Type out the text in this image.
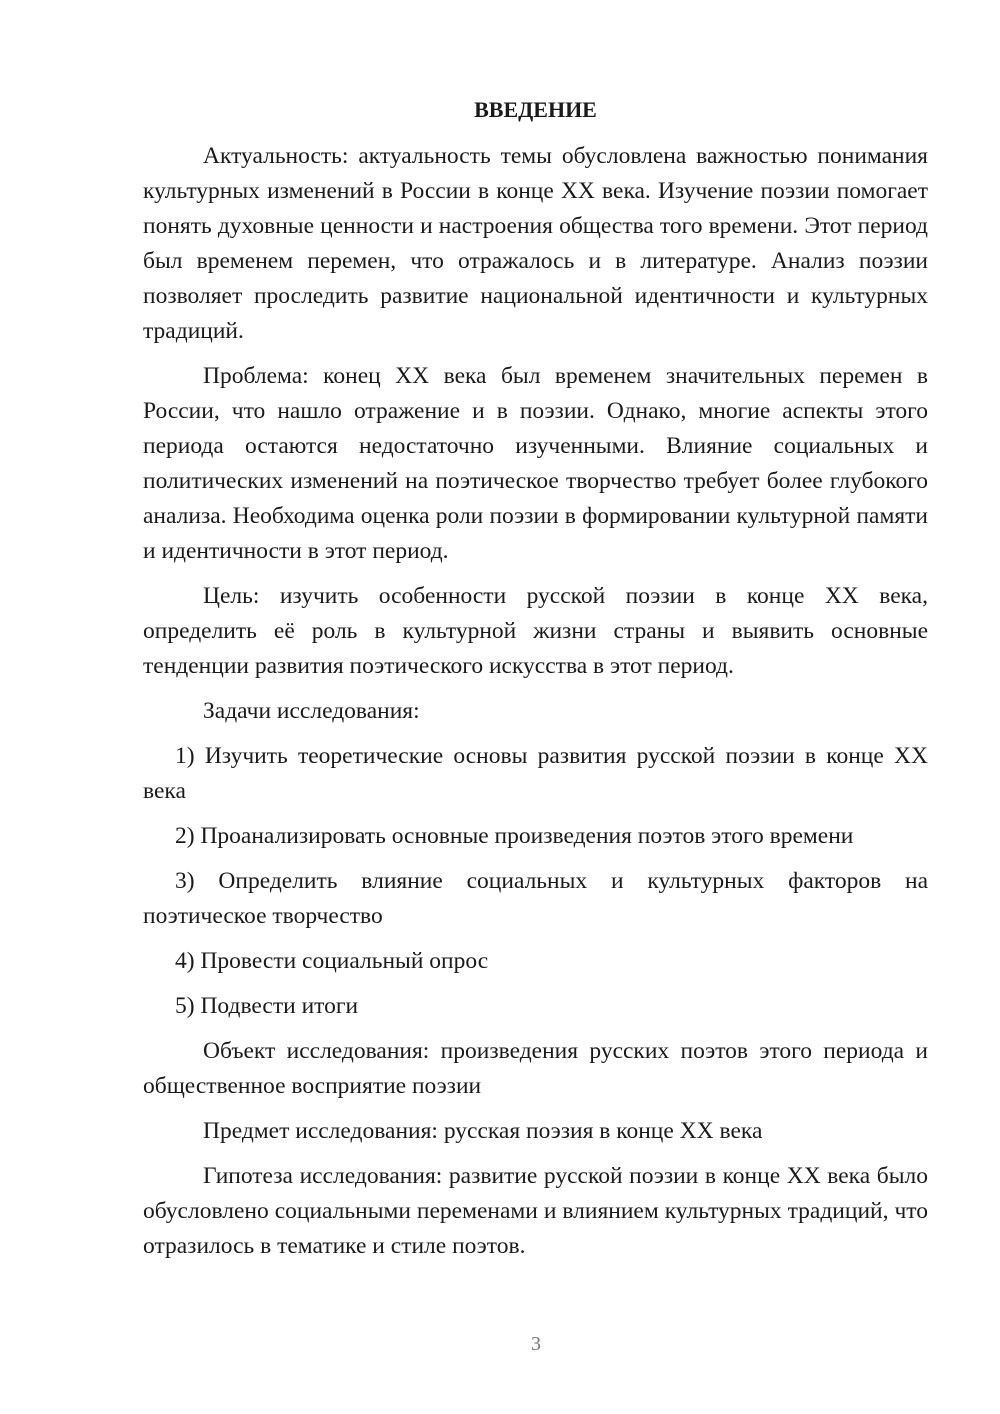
ВВЕДЕНИЕ

Актуальность: актуальность темы обусловлена важностью понимания культурных изменений в России в конце XX века. Изучение поэзии помогает понять духовные ценности и настроения общества того времени. Этот период был временем перемен, что отражалось и в литературе. Анализ поэзии позволяет проследить развитие национальной идентичности и культурных традиций.

Проблема: конец XX века был временем значительных перемен в России, что нашло отражение и в поэзии. Однако, многие аспекты этого периода остаются недостаточно изученными. Влияние социальных и политических изменений на поэтическое творчество требует более глубокого анализа. Необходима оценка роли поэзии в формировании культурной памяти и идентичности в этот период.

Цель: изучить особенности русской поэзии в конце XX века, определить её роль в культурной жизни страны и выявить основные тенденции развития поэтического искусства в этот период.

Задачи исследования:

1) Изучить теоретические основы развития русской поэзии в конце XX века

2) Проанализировать основные произведения поэтов этого времени

3) Определить влияние социальных и культурных факторов на поэтическое творчество

4) Провести социальный опрос

5) Подвести итоги

Объект исследования: произведения русских поэтов этого периода и общественное восприятие поэзии

Предмет исследования: русская поэзия в конце XX века

Гипотеза исследования: развитие русской поэзии в конце XX века было обусловлено социальными переменами и влиянием культурных традиций, что отразилось в тематике и стиле поэтов.

3
